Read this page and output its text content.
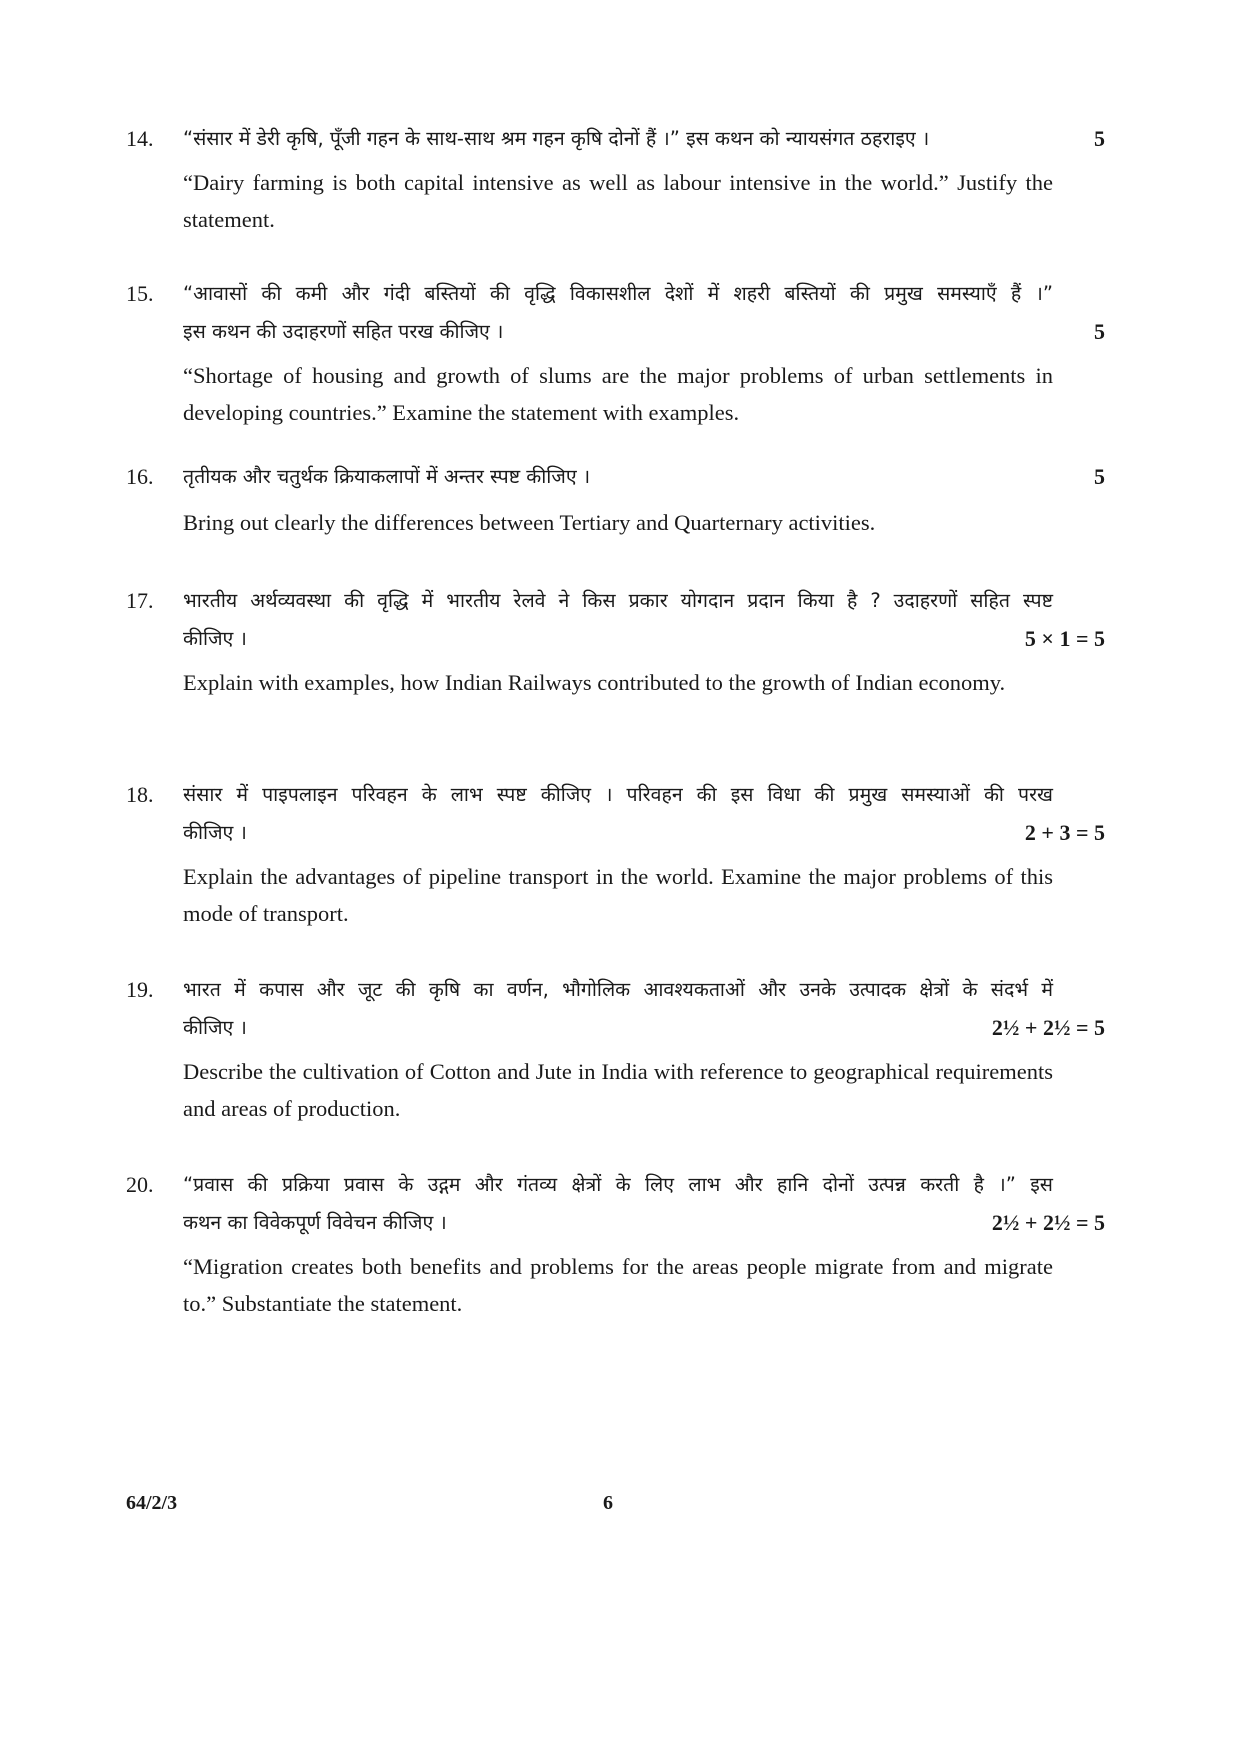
14. “संसार में डेरी कृषि, पूँजी गहन के साथ-साथ श्रम गहन कृषि दोनों हैं ।” इस कथन को न्यायसंगत ठहराइए ।	5
“Dairy farming is both capital intensive as well as labour intensive in the world.” Justify the statement.
15. “आवासों की कमी और गंदी बस्तियों की वृद्धि विकासशील देशों में शहरी बस्तियों की प्रमुख समस्याएँ हैं ।”
इस कथन की उदाहरणों सहित परख कीजिए ।	5
“Shortage of housing and growth of slums are the major problems of urban settlements in developing countries.” Examine the statement with examples.
16. तृतीयक और चतुर्थक क्रियाकलापों में अन्तर स्पष्ट कीजिए ।	5
Bring out clearly the differences between Tertiary and Quarternary activities.
17. भारतीय अर्थव्यवस्था की वृद्धि में भारतीय रेलवे ने किस प्रकार योगदान प्रदान किया है ? उदाहरणों सहित स्पष्ट
कीजिए ।	5 × 1 = 5
Explain with examples, how Indian Railways contributed to the growth of Indian economy.
18. संसार में पाइपलाइन परिवहन के लाभ स्पष्ट कीजिए । परिवहन की इस विधा की प्रमुख समस्याओं की परख
कीजिए ।	2 + 3 = 5
Explain the advantages of pipeline transport in the world. Examine the major problems of this mode of transport.
19. भारत में कपास और जूट की कृषि का वर्णन, भौगोलिक आवश्यकताओं और उनके उत्पादक क्षेत्रों के संदर्भ में
कीजिए ।	2½ + 2½ = 5
Describe the cultivation of Cotton and Jute in India with reference to geographical requirements and areas of production.
20. “प्रवास की प्रक्रिया प्रवास के उद्गम और गंतव्य क्षेत्रों के लिए लाभ और हानि दोनों उत्पन्न करती है ।” इस
कथन का विवेकपूर्ण विवेचन कीजिए ।	2½ + 2½ = 5
“Migration creates both benefits and problems for the areas people migrate from and migrate to.” Substantiate the statement.
64/2/3	6
